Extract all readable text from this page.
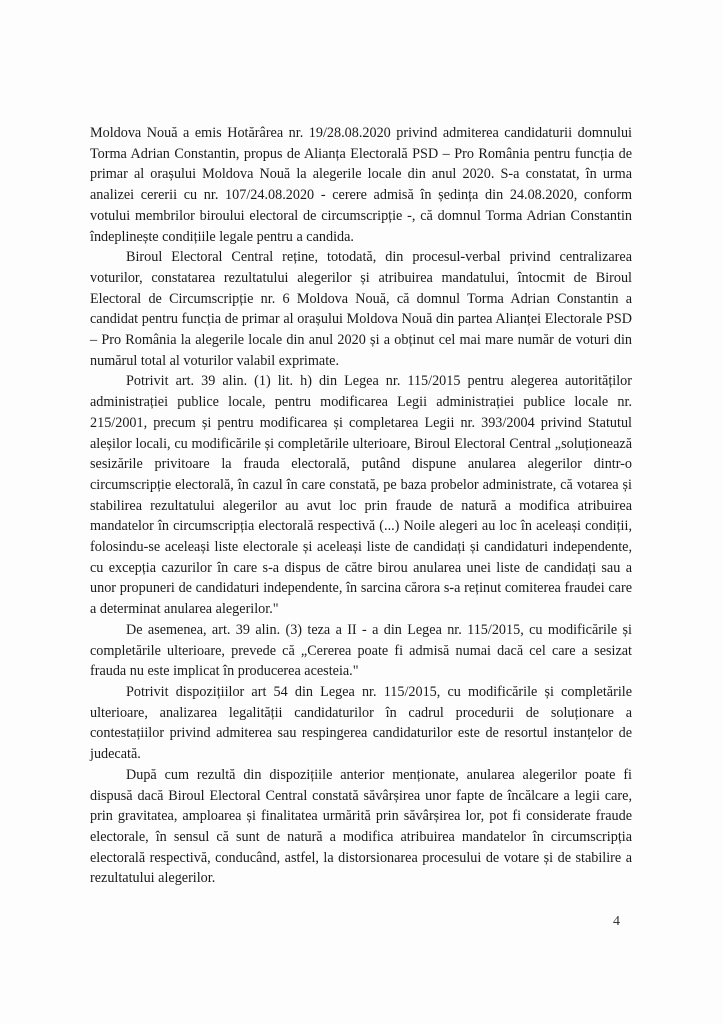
Moldova Nouă a emis Hotărârea nr. 19/28.08.2020 privind admiterea candidaturii domnului Torma Adrian Constantin, propus de Alianța Electorală PSD – Pro România pentru funcția de primar al orașului Moldova Nouă la alegerile locale din anul 2020. S-a constatat, în urma analizei cererii cu nr. 107/24.08.2020 - cerere admisă în ședința din 24.08.2020, conform votului membrilor biroului electoral de circumscripție -, că domnul Torma Adrian Constantin îndeplinește condițiile legale pentru a candida.

Biroul Electoral Central reține, totodată, din procesul-verbal privind centralizarea voturilor, constatarea rezultatului alegerilor și atribuirea mandatului, întocmit de Biroul Electoral de Circumscripție nr. 6 Moldova Nouă, că domnul Torma Adrian Constantin a candidat pentru funcția de primar al orașului Moldova Nouă din partea Alianței Electorale PSD – Pro România la alegerile locale din anul 2020 și a obținut cel mai mare număr de voturi din numărul total al voturilor valabil exprimate.

Potrivit art. 39 alin. (1) lit. h) din Legea nr. 115/2015 pentru alegerea autorităților administrației publice locale, pentru modificarea Legii administrației publice locale nr. 215/2001, precum și pentru modificarea și completarea Legii nr. 393/2004 privind Statutul aleșilor locali, cu modificările și completările ulterioare, Biroul Electoral Central „soluționează sesizările privitoare la frauda electorală, putând dispune anularea alegerilor dintr-o circumscripție electorală, în cazul în care constată, pe baza probelor administrate, că votarea și stabilirea rezultatului alegerilor au avut loc prin fraude de natură a modifica atribuirea mandatelor în circumscripția electorală respectivă (...) Noile alegeri au loc în aceleași condiții, folosindu-se aceleași liste electorale și aceleași liste de candidați și candidaturi independente, cu excepția cazurilor în care s-a dispus de către birou anularea unei liste de candidați sau a unor propuneri de candidaturi independente, în sarcina cărora s-a reținut comiterea fraudei care a determinat anularea alegerilor."

De asemenea, art. 39 alin. (3) teza a II - a din Legea nr. 115/2015, cu modificările și completările ulterioare, prevede că „Cererea poate fi admisă numai dacă cel care a sesizat frauda nu este implicat în producerea acesteia."

Potrivit dispozițiilor art 54 din Legea nr. 115/2015, cu modificările și completările ulterioare, analizarea legalității candidaturilor în cadrul procedurii de soluționare a contestațiilor privind admiterea sau respingerea candidaturilor este de resortul instanțelor de judecată.

După cum rezultă din dispozițiile anterior menționate, anularea alegerilor poate fi dispusă dacă Biroul Electoral Central constată săvârșirea unor fapte de încălcare a legii care, prin gravitatea, amploarea și finalitatea urmărită prin săvârșirea lor, pot fi considerate fraude electorale, în sensul că sunt de natură a modifica atribuirea mandatelor în circumscripția electorală respectivă, conducând, astfel, la distorsionarea procesului de votare și de stabilire a rezultatului alegerilor.

4
